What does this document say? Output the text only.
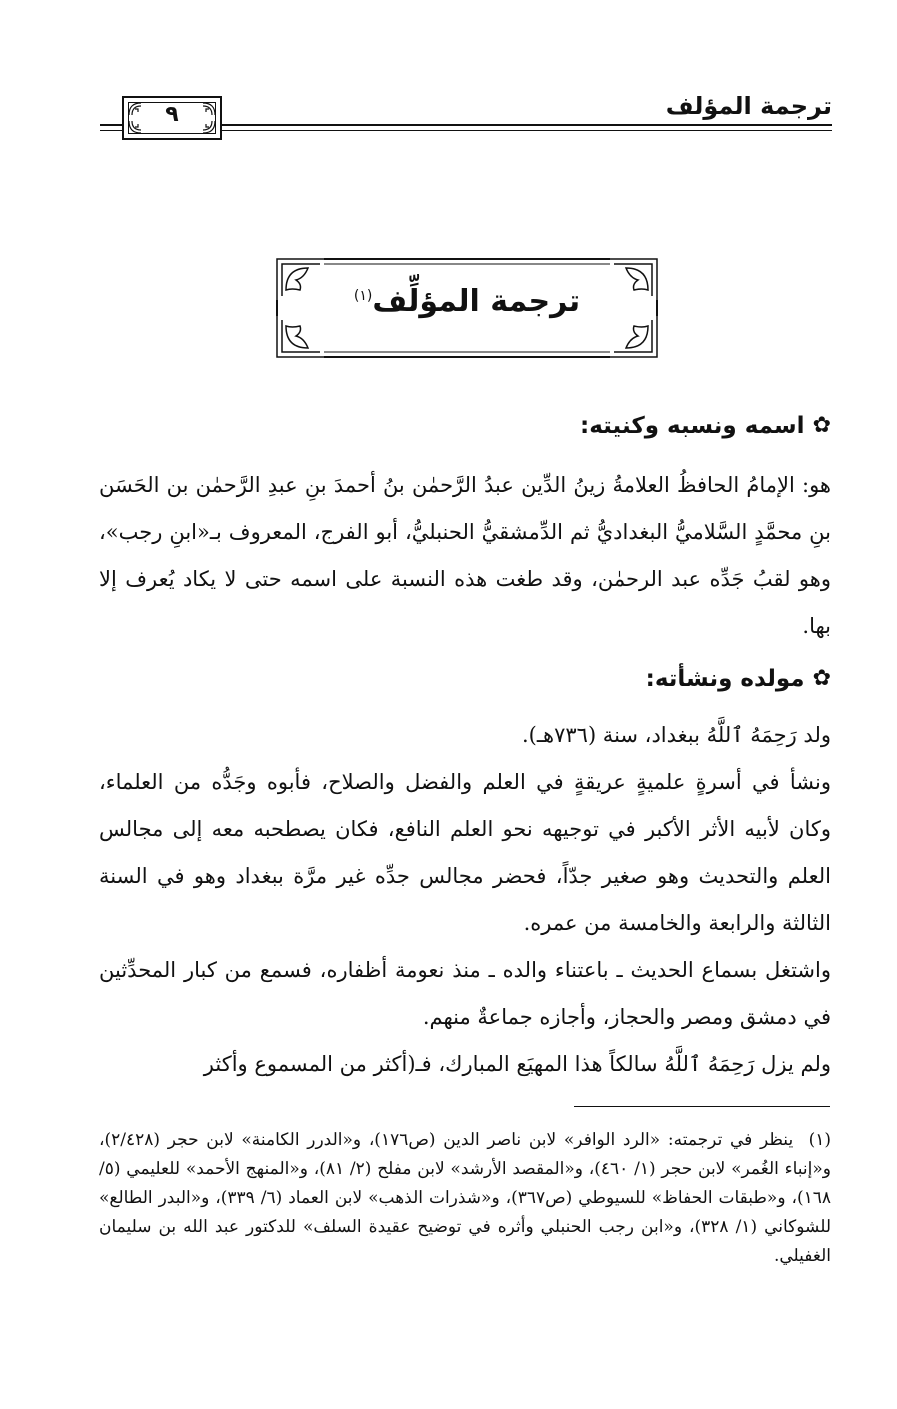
ترجمة المؤلف
٩
ترجمة المؤلِّف$^{(١)}$
✿
اسمه ونسبه وكنيته:

هو: الإمامُ الحافظُ العلامةُ زينُ الدِّين عبدُ الرَّحمٰن بنُ أحمدَ بنِ عبدِ الرَّحمٰن بن الحَسَن بنِ محمَّدٍ السَّلاميُّ البغداديُّ ثم الدِّمشقيُّ الحنبليُّ، أبو الفرج، المعروف بـ«ابنِ رجب»، وهو لقبُ جَدِّه عبد الرحمٰن، وقد طغت هذه النسبة على اسمه حتى لا يكاد يُعرف إلا بها.

✿
مولده ونشأته:

ولد رَحِمَهُ ٱللَّهُ ببغداد، سنة (٧٣٦هـ).

ونشأ في أسرةٍ علميةٍ عريقةٍ في العلم والفضل والصلاح، فأبوه وجَدُّه من العلماء، وكان لأبيه الأثر الأكبر في توجيهه نحو العلم النافع، فكان يصطحبه معه إلى مجالس العلم والتحديث وهو صغير جدّاً، فحضر مجالس جدِّه غير مرَّة ببغداد وهو في السنة الثالثة والرابعة والخامسة من عمره.

واشتغل بسماع الحديث ـ باعتناء والده ـ منذ نعومة أظفاره، فسمع من كبار المحدِّثين في دمشق ومصر والحجاز، وأجازه جماعةٌ منهم.

ولم يزل رَحِمَهُ ٱللَّهُ سالكاً هذا المهيَع المبارك، فـ(أكثر من المسموع وأكثر

(١)  ينظر في ترجمته: «الرد الوافر» لابن ناصر الدين (ص١٧٦)، و«الدرر الكامنة» لابن حجر (٢/٤٢٨)، و«إنباء الغُمر» لابن حجر (١/ ٤٦٠)، و«المقصد الأرشد» لابن مفلح (٢/ ٨١)، و«المنهج الأحمد» للعليمي (٥/ ١٦٨)، و«طبقات الحفاظ» للسيوطي (ص٣٦٧)، و«شذرات الذهب» لابن العماد (٦/ ٣٣٩)، و«البدر الطالع» للشوكاني (١/ ٣٢٨)، و«ابن رجب الحنبلي وأثره في توضيح عقيدة السلف» للدكتور عبد الله بن سليمان الغفيلي.
